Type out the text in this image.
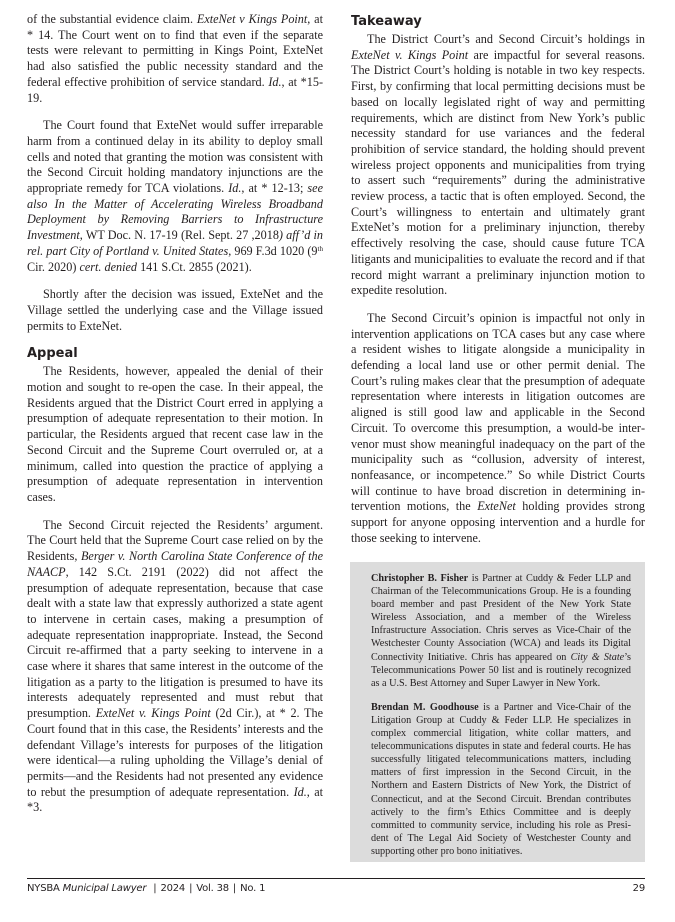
of the substantial evidence claim. ExteNet v Kings Point, at * 14. The Court went on to find that even if the separate tests were relevant to permitting in Kings Point, ExteNet had also satisfied the public necessity standard and the federal effective prohibition of service standard. Id., at *15-19.

The Court found that ExteNet would suffer irreparable harm from a continued delay in its ability to deploy small cells and noted that granting the motion was consistent with the Second Circuit holding mandatory injunctions are the appropriate remedy for TCA violations. Id., at * 12-13; see also In the Matter of Accelerating Wireless Broadband Deployment by Removing Barriers to Infrastructure Investment, WT Doc. N. 17-19 (Rel. Sept. 27 ,2018) aff’d in rel. part City of Portland v. United States, 969 F.3d 1020 (9th Cir. 2020) cert. denied 141 S.Ct. 2855 (2021).

Shortly after the decision was issued, ExteNet and the Village settled the underlying case and the Village issued permits to ExteNet.

Appeal

The Residents, however, appealed the denial of their motion and sought to re-open the case. In their appeal, the Residents argued that the District Court erred in applying a presumption of adequate representation to their motion. In particular, the Residents argued that recent case law in the Second Circuit and the Supreme Court overruled or, at a minimum, called into question the practice of applying a presumption of adequate representation in intervention cases.

The Second Circuit rejected the Residents’ argument. The Court held that the Supreme Court case relied on by the Residents, Berger v. North Carolina State Conference of the NAACP, 142 S.Ct. 2191 (2022) did not affect the presumption of adequate representation, because that case dealt with a state law that expressly authorized a state agent to intervene in certain cases, making a presumption of adequate representation inappropriate. Instead, the Second Circuit re-affirmed that a party seeking to intervene in a case where it shares that same interest in the outcome of the litigation as a party to the litigation is presumed to have its interests adequately represented and must rebut that presumption. ExteNet v. Kings Point (2d Cir.), at * 2. The Court found that in this case, the Residents’ interests and the defendant Village’s interests for purposes of the litigation were identical—a ruling upholding the Village’s denial of permits—and the Residents had not presented any evidence to rebut the presumption of adequate representation. Id., at *3.

Takeaway

The District Court’s and Second Circuit’s holdings in ExteNet v. Kings Point are impactful for several reasons. The District Court’s holding is notable in two key respects. First, by confirming that local permitting decisions must be based on locally legislated right of way and permitting requirements, which are distinct from New York’s public necessity standard for use variances and the federal prohibition of service standard, the holding should prevent wireless project opponents and municipalities from trying to assert such “requirements” during the administrative review process, a tactic that is often employed. Second, the Court’s willingness to entertain and ultimately grant ExteNet’s motion for a preliminary injunction, thereby effectively resolving the case, should cause future TCA litigants and municipalities to evaluate the record and if that record might warrant a preliminary injunction motion to expedite resolution.

The Second Circuit’s opinion is impactful not only in intervention applications on TCA cases but any case where a resident wishes to litigate alongside a municipality in defending a local land use or other permit denial. The Court’s ruling makes clear that the presumption of adequate representation where interests in litigation outcomes are aligned is still good law and applicable in the Second Circuit. To overcome this presumption, a would-be intervenor must show meaningful inadequacy on the part of the municipality such as “collusion, adversity of interest, nonfeasance, or incompetence.” So while District Courts will continue to have broad discretion in determining intervention motions, the ExteNet holding provides strong support for anyone opposing intervention and a hurdle for those seeking to intervene.

Christopher B. Fisher is Partner at Cuddy & Feder LLP and Chairman of the Telecommunications Group. He is a founding board member and past President of the New York State Wireless Association, and a member of the Wireless Infrastructure Association. Chris serves as Vice-Chair of the Westchester County Association (WCA) and leads its Digital Connectivity Initiative. Chris has appeared on City & State’s Telecommunications Power 50 list and is routinely recognized as a U.S. Best Attorney and Super Lawyer in New York.

Brendan M. Goodhouse is a Partner and Vice-Chair of the Litigation Group at Cuddy & Feder LLP. He specializes in complex commercial litigation, white collar matters, and telecommunications disputes in state and federal courts. He has successfully litigated telecommunications matters, including matters of first impression in the Second Circuit, in the Northern and Eastern Districts of New York, the District of Connecticut, and at the Second Circuit. Brendan contributes actively to the firm’s Ethics Committee and is deeply committed to community service, including his role as President of The Legal Aid Society of Westchester County and supporting other pro bono initiatives.

NYSBA Municipal Lawyer | 2024 | Vol. 38 | No. 1	29
